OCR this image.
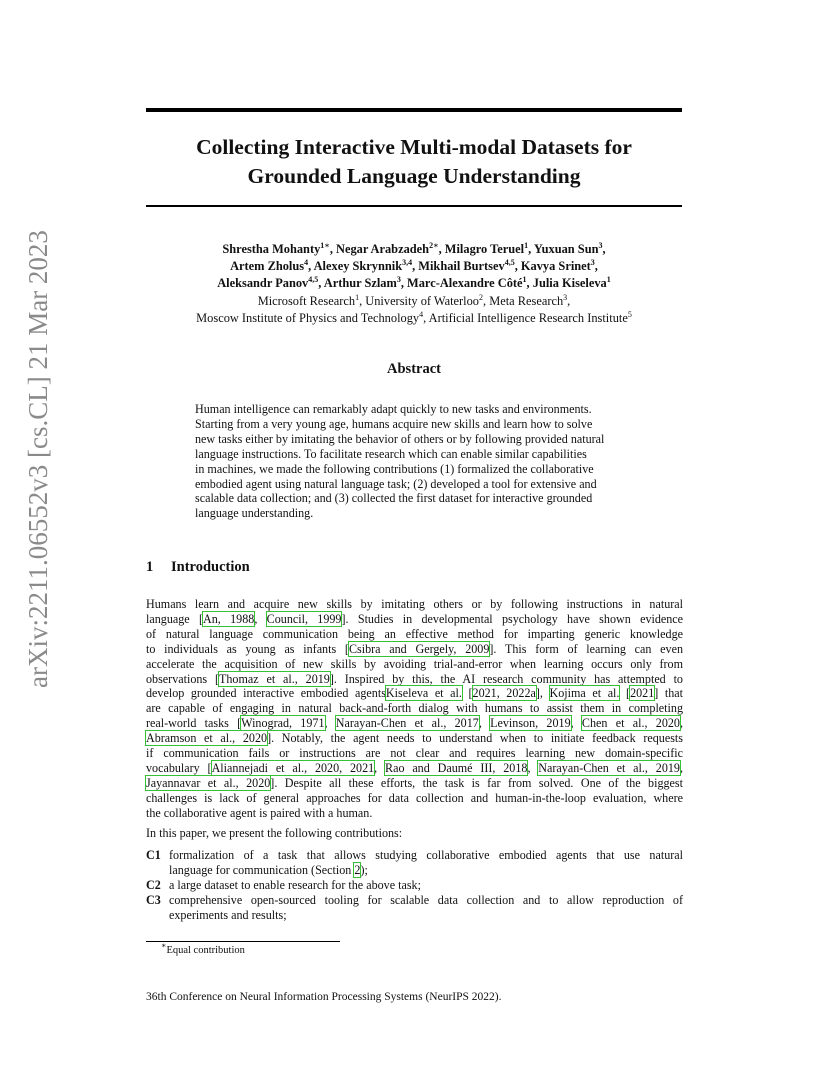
Collecting Interactive Multi-modal Datasets for
Grounded Language Understanding
Shrestha Mohanty$^{1∗}$, Negar Arabzadeh$^{2∗}$, Milagro Teruel$^1$, Yuxuan Sun$^3$,
Artem Zholus$^4$, Alexey Skrynnik$^{3,4}$, Mikhail Burtsev$^{4,5}$, Kavya Srinet$^3$,
Aleksandr Panov$^{4,5}$, Arthur Szlam$^3$, Marc-Alexandre Côté$^1$, Julia Kiseleva$^1$
Microsoft Research$^1$, University of Waterloo$^2$, Meta Research$^3$,
Moscow Institute of Physics and Technology$^4$, Artificial Intelligence Research Institute$^5$
arXiv:2211.06552v3 [cs.CL] 21 Mar 2023	Abstract
Human intelligence can remarkably adapt quickly to new tasks and environments.
Starting from a very young age, humans acquire new skills and learn how to solve
new tasks either by imitating the behavior of others or by following provided natural
language instructions. To facilitate research which can enable similar capabilities
in machines, we made the following contributions (1) formalized the collaborative
embodied agent using natural language task; (2) developed a tool for extensive and
scalable data collection; and (3) collected the first dataset for interactive grounded
language understanding.
1 Introduction
Humans learn and acquire new skills by imitating others or by following instructions in natural
language [An, 1988, Council, 1999]. Studies in developmental psychology have shown evidence
of natural language communication being an effective method for imparting generic knowledge
to individuals as young as infants [Csibra and Gergely, 2009]. This form of learning can even
accelerate the acquisition of new skills by avoiding trial-and-error when learning occurs only from
observations [Thomaz et al., 2019]. Inspired by this, the AI research community has attempted to
develop grounded interactive embodied agentsKiseleva et al. [2021, 2022a], Kojima et al. [2021] that
are capable of engaging in natural back-and-forth dialog with humans to assist them in completing
real-world tasks [Winograd, 1971, Narayan-Chen et al., 2017, Levinson, 2019, Chen et al., 2020,
Abramson et al., 2020]. Notably, the agent needs to understand when to initiate feedback requests
if communication fails or instructions are not clear and requires learning new domain-specific
vocabulary [Aliannejadi et al., 2020, 2021, Rao and Daumé III, 2018, Narayan-Chen et al., 2019,
Jayannavar et al., 2020]. Despite all these efforts, the task is far from solved. One of the biggest
challenges is lack of general approaches for data collection and human-in-the-loop evaluation, where
the collaborative agent is paired with a human.
In this paper, we present the following contributions:
C1 formalization of a task that allows studying collaborative embodied agents that use natural
language for communication (Section 2);
C2 a large dataset to enable research for the above task;
C3 comprehensive open-sourced tooling for scalable data collection and to allow reproduction of
experiments and results;
∗Equal contribution
36th Conference on Neural Information Processing Systems (NeurIPS 2022).
